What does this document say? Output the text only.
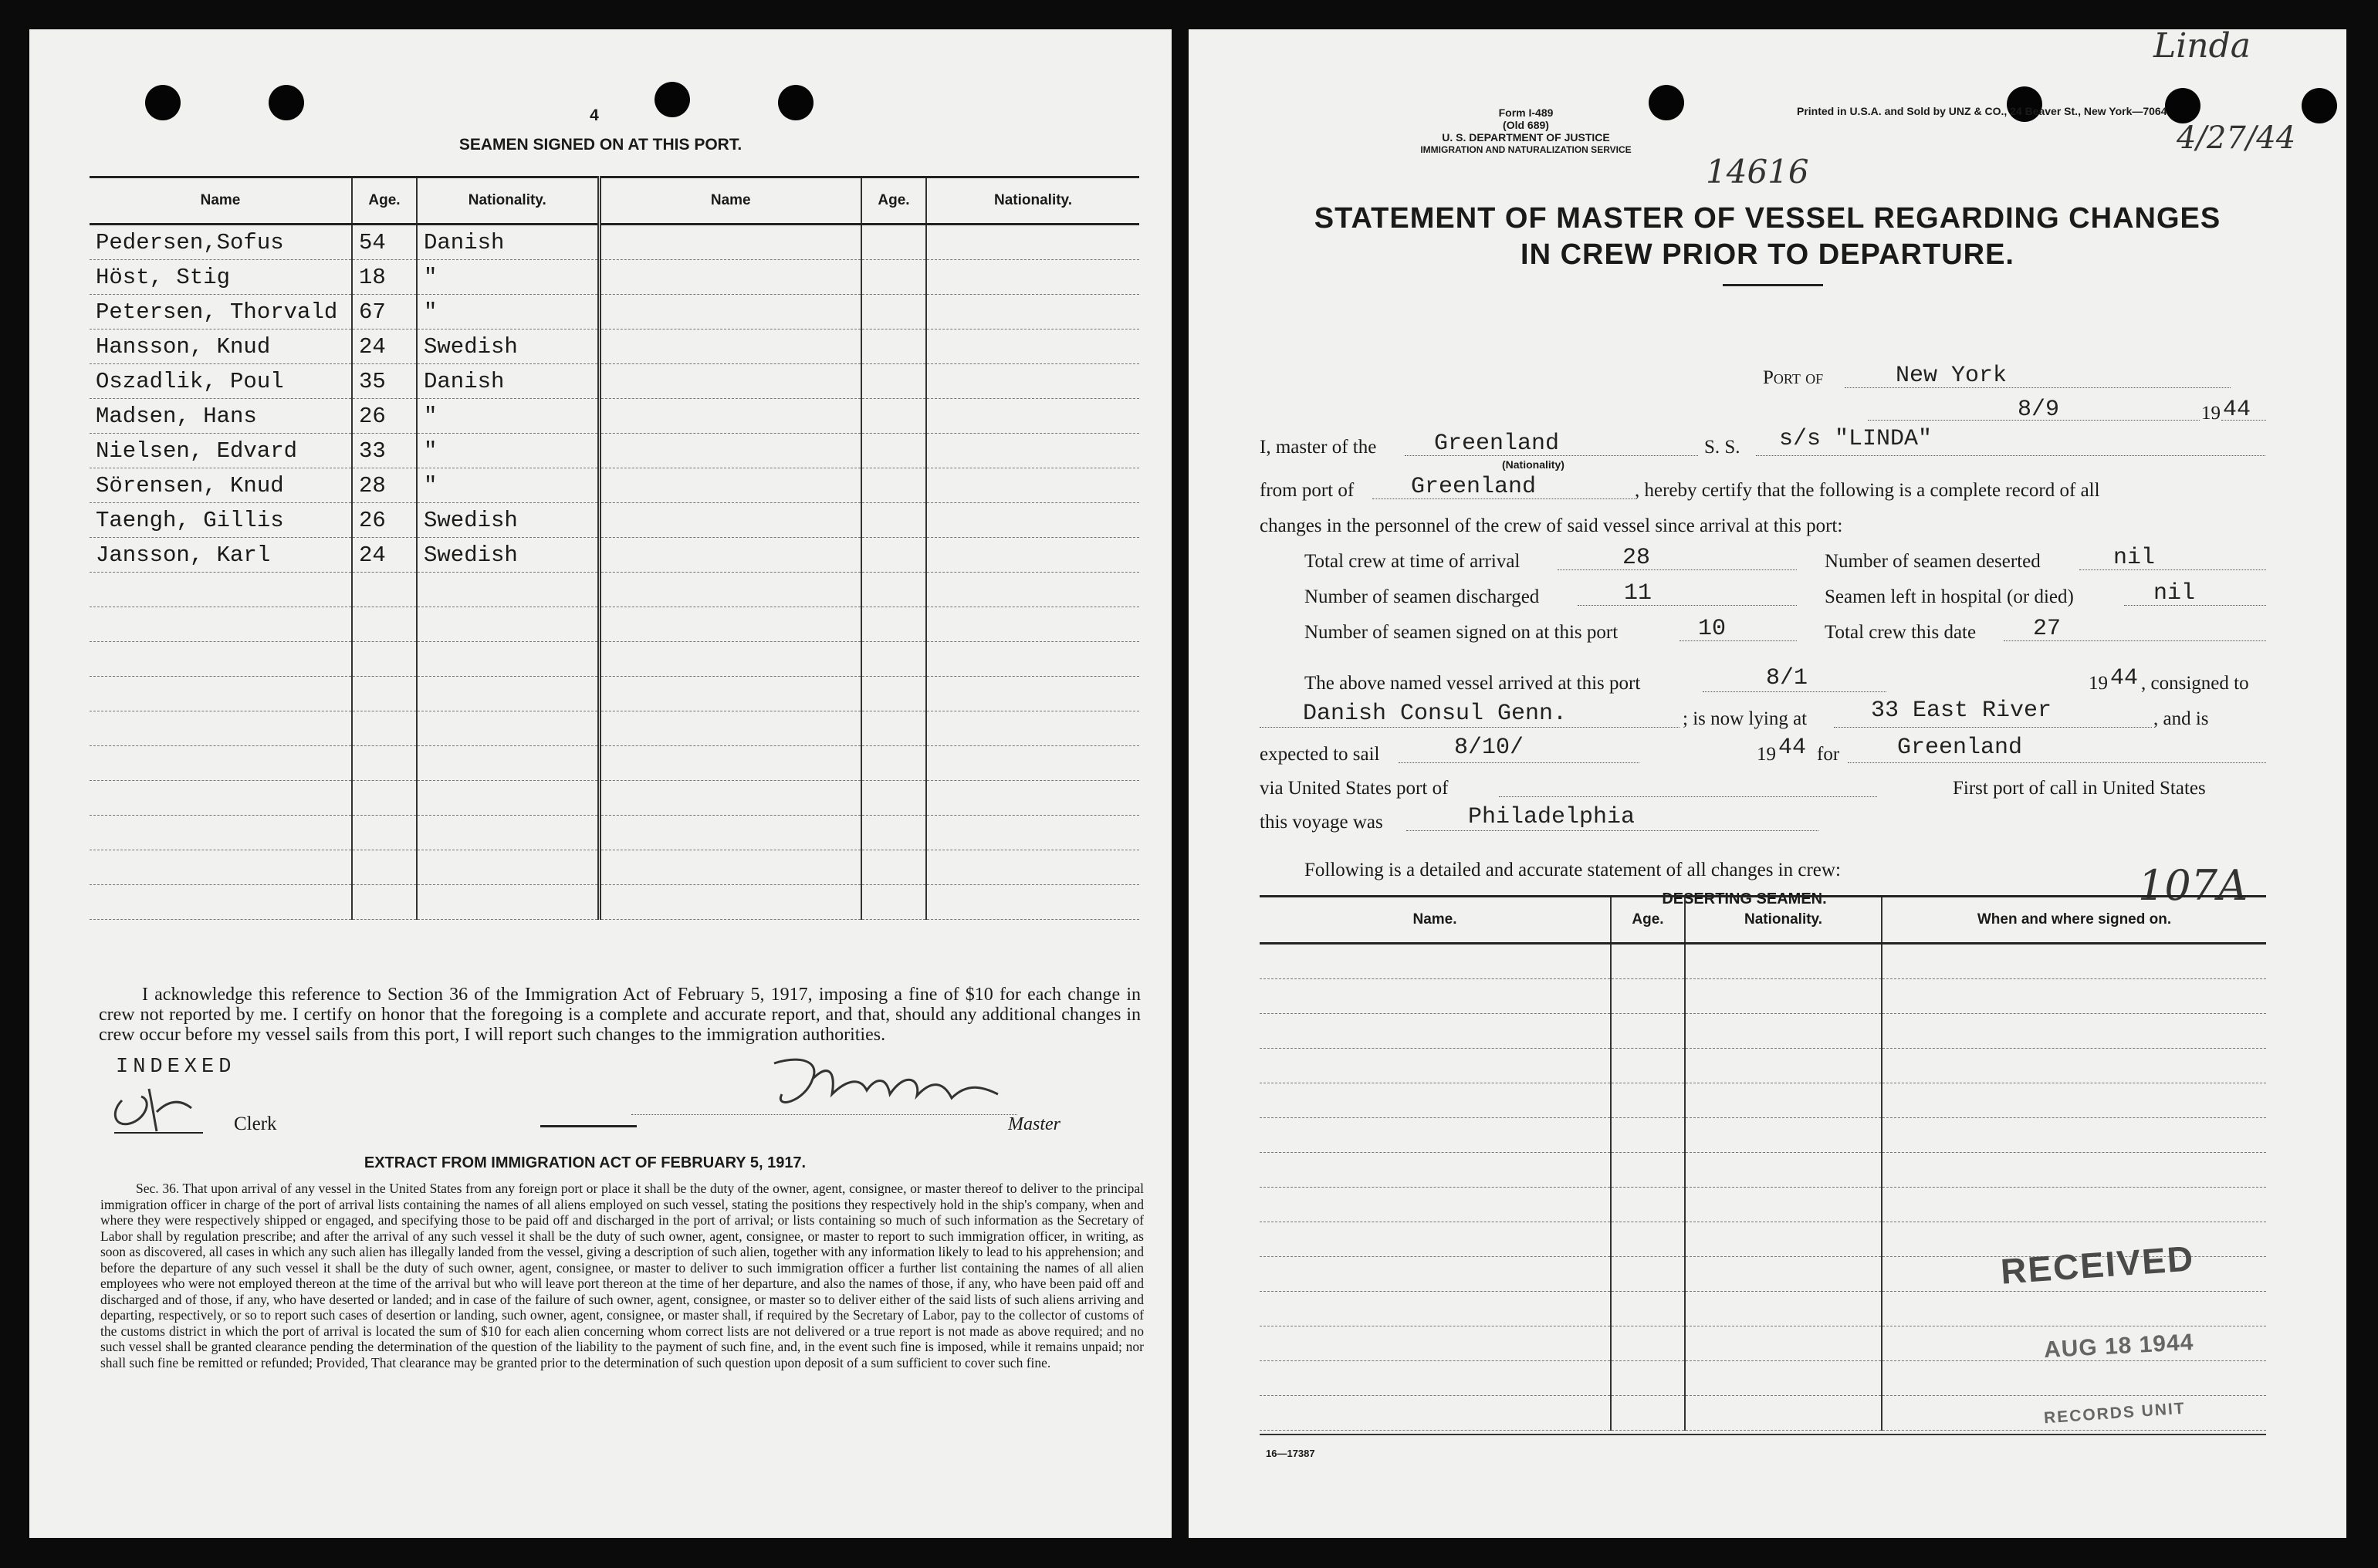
4
SEAMEN SIGNED ON AT THIS PORT.
Name	Age.	Nationality.	Name	Age.	Nationality.
Pedersen,Sofus	54	Danish			
Höst, Stig	18	"			
Petersen, Thorvald	67	"			
Hansson, Knud	24	Swedish			
Oszadlik, Poul	35	Danish			
Madsen, Hans	26	"			
Nielsen, Edvard	33	"			
Sörensen, Knud	28	"			
Taengh, Gillis	26	Swedish			
Jansson, Karl	24	Swedish			

I acknowledge this reference to Section 36 of the Immigration Act of February 5, 1917, imposing a fine of $10 for each change in crew not reported by me. I certify on honor that the foregoing is a complete and accurate report, and that, should any additional changes in crew occur before my vessel sails from this port, I will report such changes to the immigration authorities.
INDEXED
Clerk	Master
EXTRACT FROM IMMIGRATION ACT OF FEBRUARY 5, 1917.
Sec. 36. That upon arrival of any vessel in the United States from any foreign port or place it shall be the duty of the owner, agent, consignee, or master thereof to deliver to the principal immigration officer in charge of the port of arrival lists containing the names of all aliens employed on such vessel, stating the positions they respectively hold in the ship's company, when and where they were respectively shipped or engaged, and specifying those to be paid off and discharged in the port of arrival; or lists containing so much of such information as the Secretary of Labor shall by regulation prescribe; and after the arrival of any such vessel it shall be the duty of such owner, agent, consignee, or master to report to such immigration officer, in writing, as soon as discovered, all cases in which any such alien has illegally landed from the vessel, giving a description of such alien, together with any information likely to lead to his apprehension; and before the departure of any such vessel it shall be the duty of such owner, agent, consignee, or master to deliver to such immigration officer a further list containing the names of all alien employees who were not employed thereon at the time of the arrival but who will leave port thereon at the time of her departure, and also the names of those, if any, who have been paid off and discharged and of those, if any, who have deserted or landed; and in case of the failure of such owner, agent, consignee, or master so to deliver either of the said lists of such aliens arriving and departing, respectively, or so to report such cases of desertion or landing, such owner, agent, consignee, or master shall, if required by the Secretary of Labor, pay to the collector of customs of the customs district in which the port of arrival is located the sum of $10 for each alien concerning whom correct lists are not delivered or a true report is not made as above required; and no such vessel shall be granted clearance pending the determination of the question of the liability to the payment of such fine, and, in the event such fine is imposed, while it remains unpaid; nor shall such fine be remitted or refunded; Provided, That clearance may be granted prior to the determination of such question upon deposit of a sum sufficient to cover such fine.
Linda
4/27/44
Form I-489
(Old 689)
U. S. DEPARTMENT OF JUSTICE
IMMIGRATION AND NATURALIZATION SERVICE
Printed in U.S.A. and Sold by UNZ & CO., 24 Beaver St., New York—7064
14616
STATEMENT OF MASTER OF VESSEL REGARDING CHANGES
IN CREW PRIOR TO DEPARTURE.
Port of	New York
8/9	19 44
I, master of the Greenland
(Nationality)
S. S. s/s "LINDA"
from port of Greenland	, hereby certify that the following is a complete record of all
changes in the personnel of the crew of said vessel since arrival at this port:
Total crew at time of arrival	28	Number of seamen deserted	nil
Number of seamen discharged	11	Seamen left in hospital (or died)	nil
Number of seamen signed on at this port	10	Total crew this date 27
The above named vessel arrived at this port	8/1	19 44 , consigned to
Danish Consul Genn.	; is now lying at	33 East River	, and is
expected to sail	8/10/	19 44 for Greenland
via United States port of	First port of call in United States
this voyage was	Philadelphia
Following is a detailed and accurate statement of all changes in crew:
DESERTING SEAMEN.	107A
Name.	Age.	Nationality.	When and where signed on.

RECEIVED
AUG 18 1944
RECORDS UNIT
16—17387
